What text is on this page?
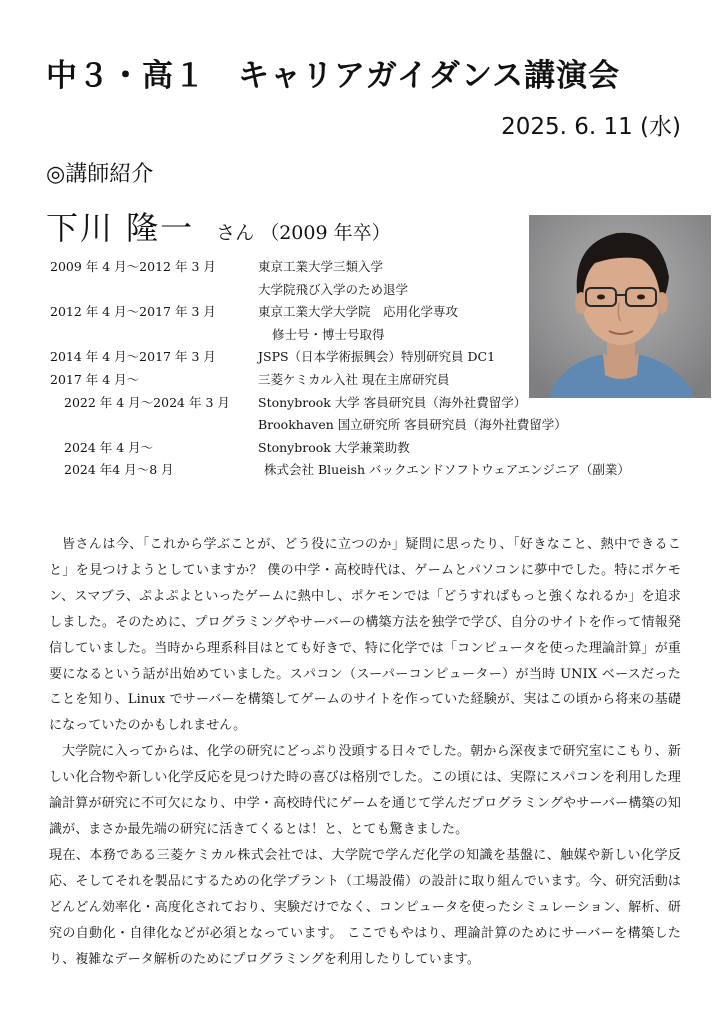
中３・高１　キャリアガイダンス講演会
2025. 6. 11 (水)
◎講師紹介
下川 隆一 さん （2009 年卒）
2009 年 4 月～2012 年 3 月	東京工業大学三類入学
大学院飛び入学のため退学
2012 年 4 月～2017 年 3 月	東京工業大学大学院　応用化学専攻
修士号・博士号取得
2014 年 4 月～2017 年 3 月	JSPS（日本学術振興会）特別研究員 DC1
2017 年 4 月～	三菱ケミカル入社 現在主席研究員
2022 年 4 月～2024 年 3 月 Stonybrook 大学 客員研究員（海外社費留学）
Brookhaven 国立研究所 客員研究員（海外社費留学）
2024 年 4 月～	Stonybrook 大学兼業助教
2024 年4 月～8 月	株式会社 Blueish バックエンドソフトウェアエンジニア（副業）

皆さんは今、「これから学ぶことが、どう役に立つのか」疑問に思ったり、「好きなこと、熱中できること」を見つけようとしていますか？ 僕の中学・高校時代は、ゲームとパソコンに夢中でした。特にポケモン、スマブラ、ぷよぷよといったゲームに熱中し、ポケモンでは「どうすればもっと強くなれるか」を追求しました。そのために、プログラミングやサーバーの構築方法を独学で学び、自分のサイトを作って情報発信していました。当時から理系科目はとても好きで、特に化学では「コンピュータを使った理論計算」が重要になるという話が出始めていました。スパコン（スーパーコンピューター）が当時 UNIX ベースだったことを知り、Linux でサーバーを構築してゲームのサイトを作っていた経験が、実はこの頃から将来の基礎になっていたのかもしれません。

大学院に入ってからは、化学の研究にどっぷり没頭する日々でした。朝から深夜まで研究室にこもり、新しい化合物や新しい化学反応を見つけた時の喜びは格別でした。この頃には、実際にスパコンを利用した理論計算が研究に不可欠になり、中学・高校時代にゲームを通じて学んだプログラミングやサーバー構築の知識が、まさか最先端の研究に活きてくるとは！と、とても驚きました。

現在、本務である三菱ケミカル株式会社では、大学院で学んだ化学の知識を基盤に、触媒や新しい化学反応、そしてそれを製品にするための化学プラント（工場設備）の設計に取り組んでいます。今、研究活動はどんどん効率化・高度化されており、実験だけでなく、コンピュータを使ったシミュレーション、解析、研究の自動化・自律化などが必須となっています。 ここでもやはり、理論計算のためにサーバーを構築したり、複雑なデータ解析のためにプログラミングを利用したりしています。
